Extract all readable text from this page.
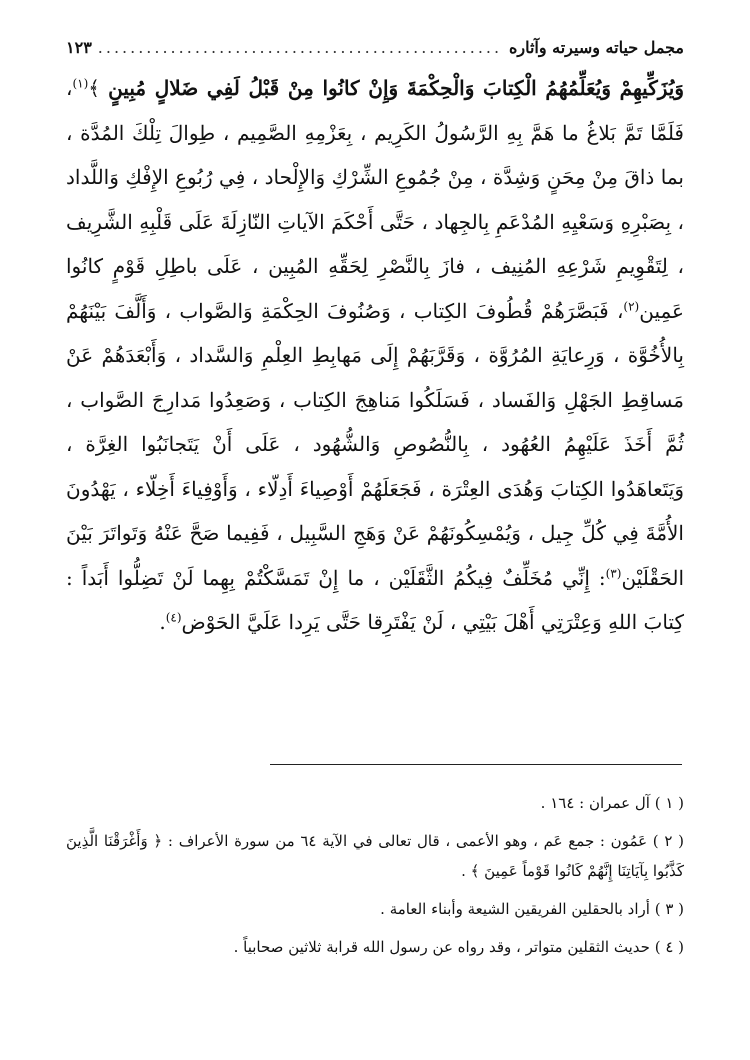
مجمل حياته وسيرته وآثاره
.....
١٢٣

وَيُزَكِّيهِمْ وَيُعَلِّمُهُمُ الْكِتابَ وَالْحِكْمَةَ وَإِنْ كانُوا مِنْ قَبْلُ لَفِي ضَلالٍ مُبِينٍ ﴾$^{(١)}$، فَلَمَّا تَمَّ بَلاغُ ما هَمَّ بِهِ الرَّسُولُ الكَرِيم ، بِعَزْمِهِ الصَّمِيم ، طِوالَ تِلْكَ المُدَّة ، بما ذاقَ مِنْ مِحَنٍ وَشِدَّة ، مِنْ جُمُوعِ الشِّرْكِ وَالإِلْحاد ، فِي رُبُوعِ الإِفْكِ وَاللَّداد ، بِصَبْرِهِ وَسَعْيِهِ المُدْعَمِ بِالجِهاد ، حَتَّى أَحْكَمَ الآياتِ النّازِلَةَ عَلَى قَلْبِهِ الشَّرِيف ، لِتَقْوِيمِ شَرْعِهِ المُنِيف ، فازَ بِالنَّصْرِ لِحَقِّهِ المُبِين ، عَلَى باطِلِ قَوْمٍ كانُوا عَمِين$^{(٢)}$، فَبَصَّرَهُمْ قُطُوفَ الكِتاب ، وَصُنُوفَ الحِكْمَةِ وَالصَّواب ، وَأَلَّفَ بَيْنَهُمْ بِالأُخُوَّة ، وَرِعايَةِ المُرُوَّة ، وَقَرَّبَهُمْ إِلَى مَهابِطِ العِلْمِ وَالسَّداد ، وَأَبْعَدَهُمْ عَنْ مَساقِطِ الجَهْلِ وَالفَساد ، فَسَلَكُوا مَناهِجَ الكِتاب ، وَصَعِدُوا مَدارِجَ الصَّواب ، ثُمَّ أَخَذَ عَلَيْهِمُ العُهُود ، بِالنُّصُوصِ وَالشُّهُود ، عَلَى أَنْ يَتَجانَبُوا الغِرَّة ، وَيَتَعاهَدُوا الكِتابَ وَهُدَى العِتْرَة ، فَجَعَلَهُمْ أَوْصِياءَ أَدِلّاء ، وَأَوْفِياءَ أَخِلّاء ، يَهْدُونَ الأُمَّةَ فِي كُلِّ جِيل ، وَيُمْسِكُونَهُمْ عَنْ وَهَجِ السَّبِيل ، فَفِيما صَحَّ عَنْهُ وَتَواتَرَ بَيْنَ الحَقْلَيْن$^{(٣)}$: إِنِّي مُخَلِّفٌ فِيكُمُ الثَّقَلَيْن ، ما إِنْ تَمَسَّكْتُمْ بِهِما لَنْ تَضِلُّوا أَبَداً : كِتابَ اللهِ وَعِتْرَتِي أَهْلَ بَيْتِي ، لَنْ يَفْتَرِقا حَتَّى يَرِدا عَلَيَّ الحَوْض$^{(٤)}$.

( ١ ) آل عمران : ١٦٤ .

( ٢ ) عَمُون : جمع عَم ، وهو الأعمى ، قال تعالى في الآية ٦٤ من سورة الأعراف : ﴿ وَأَغْرَقْنَا الَّذِينَ كَذَّبُوا بِآيَاتِنَا إِنَّهُمْ كَانُوا قَوْماً عَمِينَ ﴾ .

( ٣ ) أراد بالحقلين الفريقين الشيعة وأبناء العامة .

( ٤ ) حديث الثقلين متواتر ، وقد رواه عن رسول الله قرابة ثلاثين صحابياً .
